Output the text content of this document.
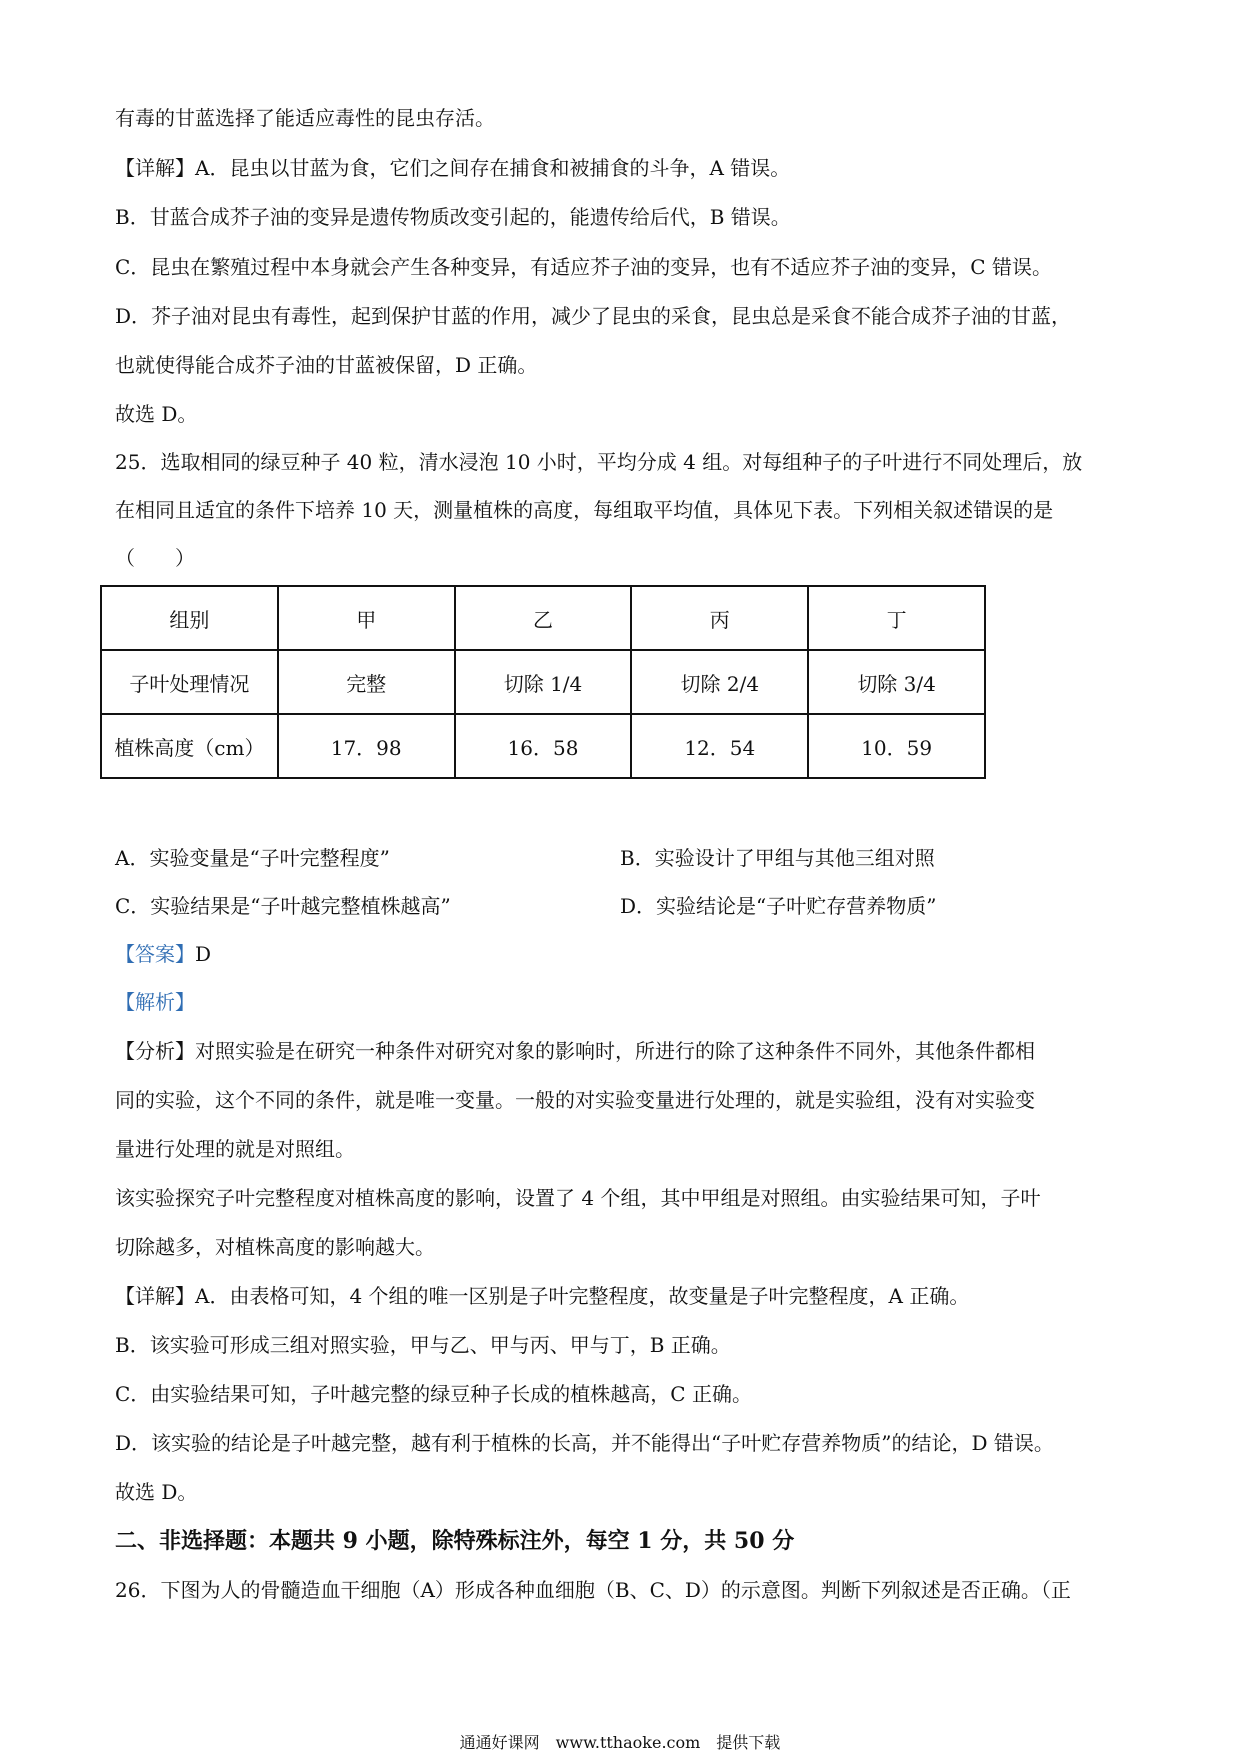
有毒的甘蓝选择了能适应毒性的昆虫存活。
【详解】A．昆虫以甘蓝为食，它们之间存在捕食和被捕食的斗争，A 错误。
B．甘蓝合成芥子油的变异是遗传物质改变引起的，能遗传给后代，B 错误。
C．昆虫在繁殖过程中本身就会产生各种变异，有适应芥子油的变异，也有不适应芥子油的变异，C 错误。
D．芥子油对昆虫有毒性，起到保护甘蓝的作用，减少了昆虫的采食，昆虫总是采食不能合成芥子油的甘蓝，
也就使得能合成芥子油的甘蓝被保留，D 正确。
故选 D。
25．选取相同的绿豆种子 40 粒，清水浸泡 10 小时，平均分成 4 组。对每组种子的子叶进行不同处理后，放
在相同且适宜的条件下培养 10 天，测量植株的高度，每组取平均值，具体见下表。下列相关叙述错误的是
（　　）
组别	甲	乙	丙	丁
子叶处理情况	完整	切除 1/4	切除 2/4	切除 3/4
植株高度（cm）	17．98	16．58	12．54	10．59
A．实验变量是“子叶完整程度”	B．实验设计了甲组与其他三组对照
C．实验结果是“子叶越完整植株越高”	D．实验结论是“子叶贮存营养物质”
【答案】D
【解析】
【分析】对照实验是在研究一种条件对研究对象的影响时，所进行的除了这种条件不同外，其他条件都相
同的实验，这个不同的条件，就是唯一变量。一般的对实验变量进行处理的，就是实验组，没有对实验变
量进行处理的就是对照组。
该实验探究子叶完整程度对植株高度的影响，设置了 4 个组，其中甲组是对照组。由实验结果可知，子叶
切除越多，对植株高度的影响越大。
【详解】A．由表格可知，4 个组的唯一区别是子叶完整程度，故变量是子叶完整程度，A 正确。
B．该实验可形成三组对照实验，甲与乙、甲与丙、甲与丁，B 正确。
C．由实验结果可知，子叶越完整的绿豆种子长成的植株越高，C 正确。
D．该实验的结论是子叶越完整，越有利于植株的长高，并不能得出“子叶贮存营养物质”的结论，D 错误。
故选 D。
二、非选择题：本题共 9 小题，除特殊标注外，每空 1 分，共 50 分
26．下图为人的骨髓造血干细胞（A）形成各种血细胞（B、C、D）的示意图。判断下列叙述是否正确。（正
通通好课网　www.tthaoke.com　提供下载
